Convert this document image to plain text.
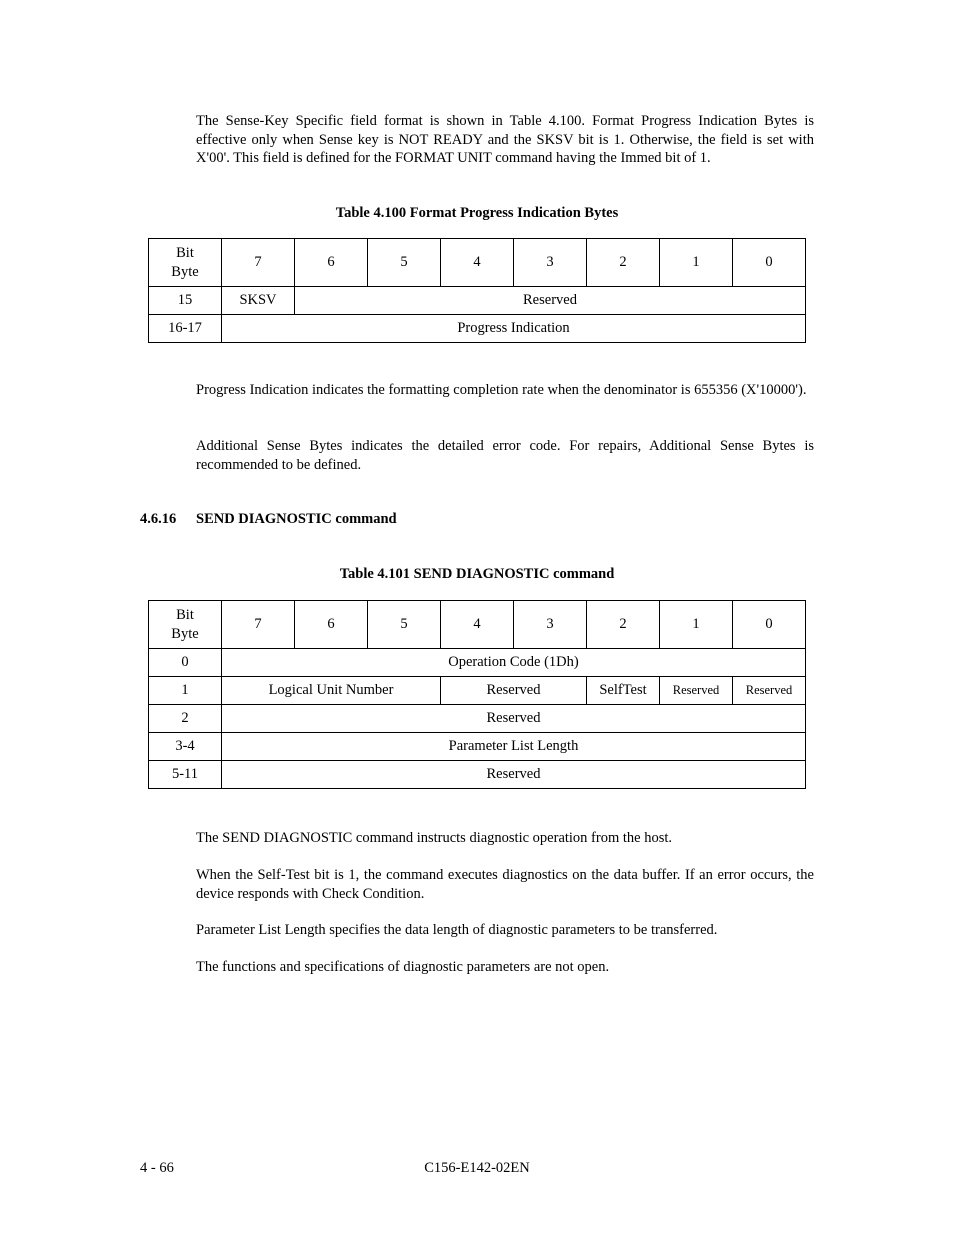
The Sense-Key Specific field format is shown in Table 4.100. Format Progress Indication Bytes is effective only when Sense key is NOT READY and the SKSV bit is 1. Otherwise, the field is set with X'00'. This field is defined for the FORMAT UNIT command having the Immed bit of 1.

Table 4.100 Format Progress Indication Bytes

Bit
Byte	7	6	5	4	3	2	1	0
15	SKSV	Reserved						
16-17	Progress Indication							

Progress Indication indicates the formatting completion rate when the denominator is 655356 (X'10000').

Additional Sense Bytes indicates the detailed error code. For repairs, Additional Sense Bytes is recommended to be defined.

4.6.16 SEND DIAGNOSTIC command

Table 4.101 SEND DIAGNOSTIC command

Bit
Byte	7	6	5	4	3	2	1	0
0	Operation Code (1Dh)							
1	Logical Unit Number			Reserved		SelfTest	Reserved	Reserved
2	Reserved							
3-4	Parameter List Length							
5-11	Reserved							

The SEND DIAGNOSTIC command instructs diagnostic operation from the host.

When the Self-Test bit is 1, the command executes diagnostics on the data buffer. If an error occurs, the device responds with Check Condition.

Parameter List Length specifies the data length of diagnostic parameters to be transferred.

The functions and specifications of diagnostic parameters are not open.

4 - 66	C156-E142-02EN
